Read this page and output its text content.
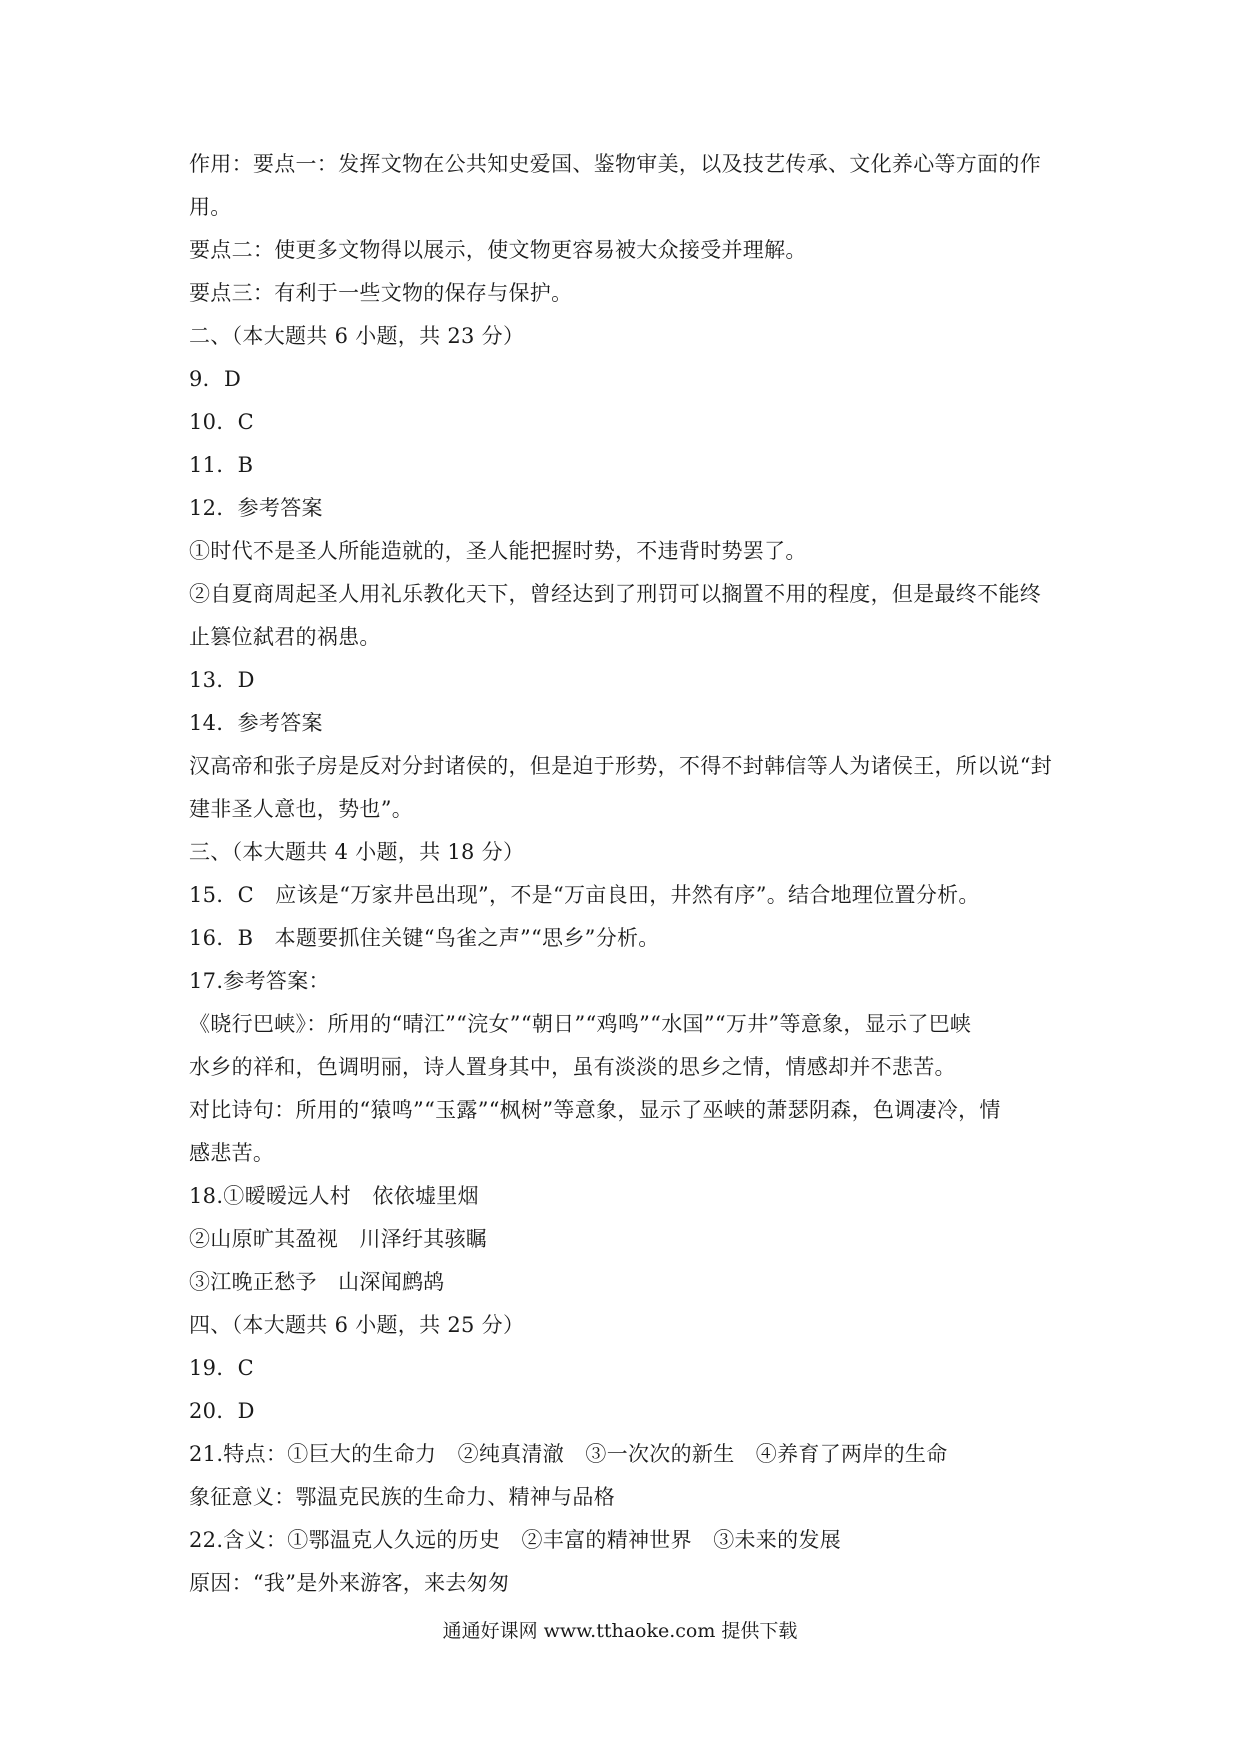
作用：要点一：发挥文物在公共知史爱国、鉴物审美，以及技艺传承、文化养心等方面的作
用。
要点二：使更多文物得以展示，使文物更容易被大众接受并理解。
要点三：有利于一些文物的保存与保护。
二、（本大题共 6 小题，共 23 分）
9．D
10．C
11．B
12．参考答案
①时代不是圣人所能造就的，圣人能把握时势，不违背时势罢了。
②自夏商周起圣人用礼乐教化天下，曾经达到了刑罚可以搁置不用的程度，但是最终不能终
止篡位弑君的祸患。
13．D
14．参考答案
汉高帝和张子房是反对分封诸侯的，但是迫于形势，不得不封韩信等人为诸侯王，所以说“封
建非圣人意也，势也”。
三、（本大题共 4 小题，共 18 分）
15．C　应该是“万家井邑出现”，不是“万亩良田，井然有序”。结合地理位置分析。
16．B　本题要抓住关键“鸟雀之声”“思乡”分析。
17.参考答案：
《晓行巴峡》：所用的“晴江”“浣女”“朝日”“鸡鸣”“水国”“万井”等意象，显示了巴峡
水乡的祥和，色调明丽，诗人置身其中，虽有淡淡的思乡之情，情感却并不悲苦。
对比诗句：所用的“猿鸣”“玉露”“枫树”等意象，显示了巫峡的萧瑟阴森，色调凄冷，情
感悲苦。
18.①暧暧远人村　依依墟里烟
②山原旷其盈视　川泽纡其骇瞩
③江晚正愁予　山深闻鹧鸪
四、（本大题共 6 小题，共 25 分）
19．C
20．D
21.特点：①巨大的生命力　②纯真清澈　③一次次的新生　④养育了两岸的生命
象征意义：鄂温克民族的生命力、精神与品格
22.含义：①鄂温克人久远的历史　②丰富的精神世界　③未来的发展
原因：“我”是外来游客，来去匆匆
通通好课网 www.tthaoke.com 提供下载
